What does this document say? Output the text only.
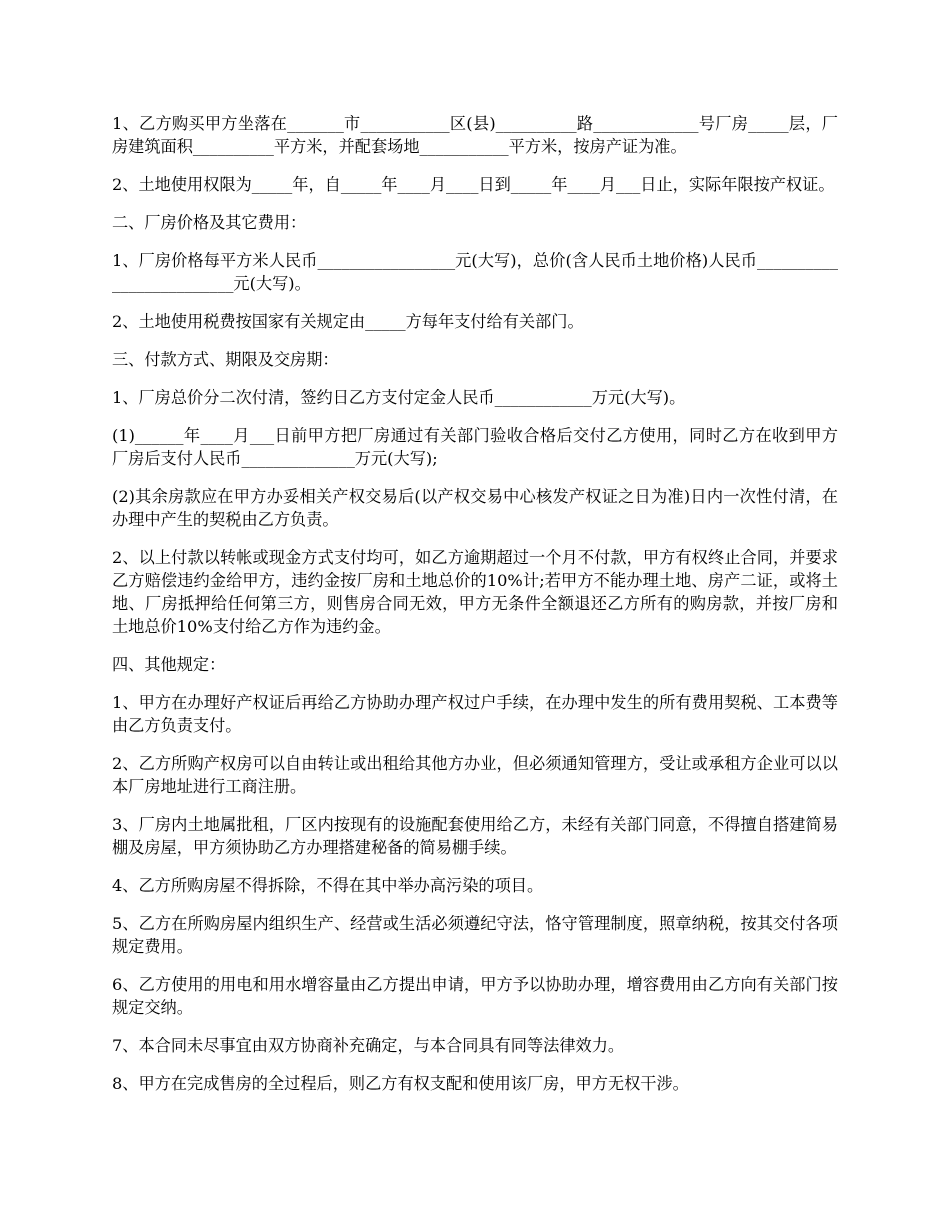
1、乙方购买甲方坐落在_______市___________区(县)__________路_____________号厂房_____层，厂房建筑面积__________平方米，并配套场地___________平方米，按房产证为准。

2、土地使用权限为_____年，自_____年____月____日到_____年____月___日止，实际年限按产权证。

二、厂房价格及其它费用：

1、厂房价格每平方米人民币_________________元(大写)，总价(含人民币土地价格)人民币_________________________元(大写)。

2、土地使用税费按国家有关规定由_____方每年支付给有关部门。

三、付款方式、期限及交房期：

1、厂房总价分二次付清，签约日乙方支付定金人民币____________万元(大写)。

(1)______年____月___日前甲方把厂房通过有关部门验收合格后交付乙方使用，同时乙方在收到甲方厂房后支付人民币______________万元(大写);

(2)其余房款应在甲方办妥相关产权交易后(以产权交易中心核发产权证之日为准)日内一次性付清，在办理中产生的契税由乙方负责。

2、以上付款以转帐或现金方式支付均可，如乙方逾期超过一个月不付款，甲方有权终止合同，并要求乙方赔偿违约金给甲方，违约金按厂房和土地总价的10%计;若甲方不能办理土地、房产二证，或将土地、厂房抵押给任何第三方，则售房合同无效，甲方无条件全额退还乙方所有的购房款，并按厂房和土地总价10%支付给乙方作为违约金。

四、其他规定：

1、甲方在办理好产权证后再给乙方协助办理产权过户手续，在办理中发生的所有费用契税、工本费等由乙方负责支付。

2、乙方所购产权房可以自由转让或出租给其他方办业，但必须通知管理方，受让或承租方企业可以以本厂房地址进行工商注册。

3、厂房内土地属批租，厂区内按现有的设施配套使用给乙方，未经有关部门同意，不得擅自搭建简易棚及房屋，甲方须协助乙方办理搭建秘备的简易棚手续。

4、乙方所购房屋不得拆除，不得在其中举办高污染的项目。

5、乙方在所购房屋内组织生产、经营或生活必须遵纪守法，恪守管理制度，照章纳税，按其交付各项规定费用。

6、乙方使用的用电和用水增容量由乙方提出申请，甲方予以协助办理，增容费用由乙方向有关部门按规定交纳。

7、本合同未尽事宜由双方协商补充确定，与本合同具有同等法律效力。

8、甲方在完成售房的全过程后，则乙方有权支配和使用该厂房，甲方无权干涉。
